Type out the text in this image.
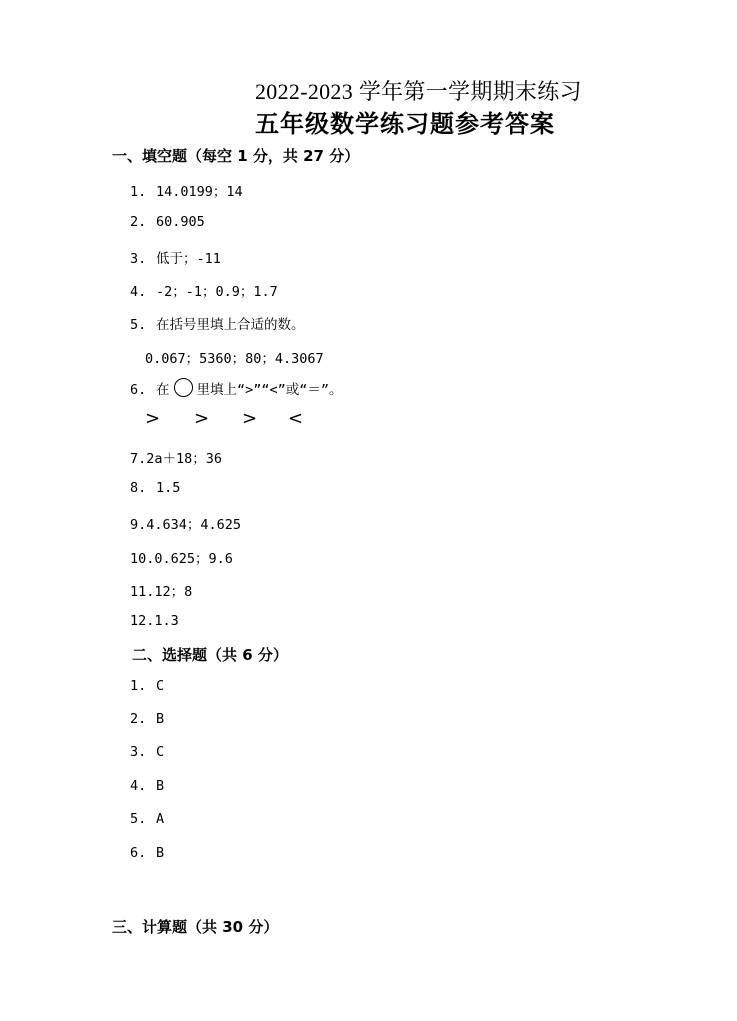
2022-2023 学年第一学期期末练习
五年级数学练习题参考答案
一、填空题（每空 1 分，共 27 分）
1. 14.0199；14
2. 60.905
3. 低于；-11
4. -2；-1；0.9；1.7
5. 在括号里填上合适的数。
0.067；5360；80；4.3067
6. 在 里填上“>”“<”或“＝”。
> > > <
7.2a＋18；36
8. 1.5
9.4.634；4.625
10.0.625；9.6
11.12；8
12.1.3
二、选择题（共 6 分）
1. C
2. B
3. C
4. B
5. A
6. B
三、计算题（共 30 分）
